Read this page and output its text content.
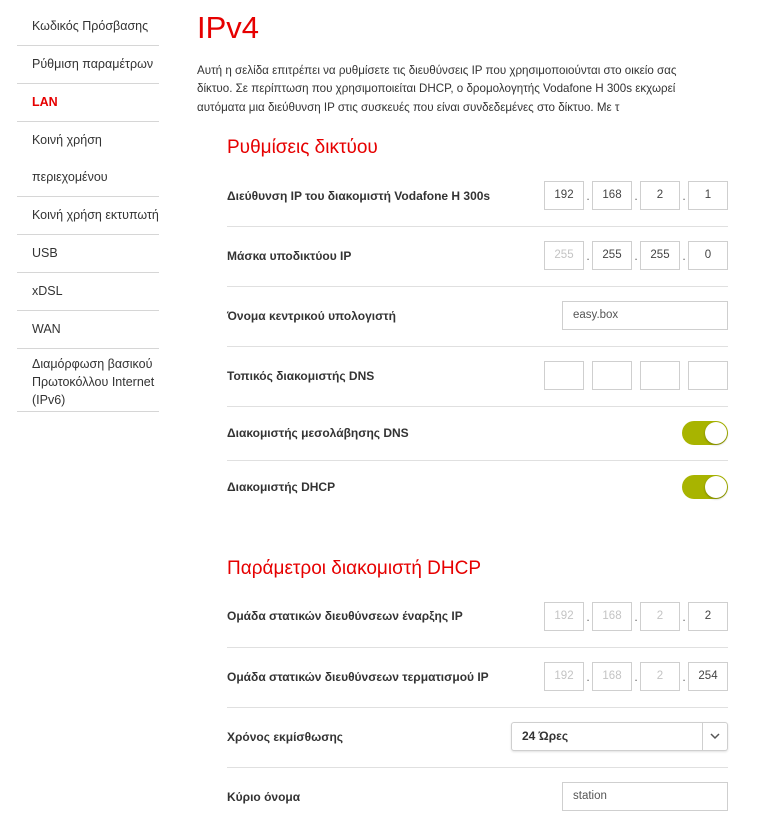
Κωδικός Πρόσβασης
Ρύθμιση παραμέτρων
LAN
Κοινή χρήση
περιεχομένου
Κοινή χρήση εκτυπωτή
USB
xDSL
WAN
Διαμόρφωση βασικού
Πρωτοκόλλου Internet
(IPv6)
IPv4
Αυτή η σελίδα επιτρέπει να ρυθμίσετε τις διευθύνσεις IP που χρησιμοποιούνται στο οικείο σας
δίκτυο. Σε περίπτωση που χρησιμοποιείται DHCP, ο δρομολογητής Vodafone H 300s εκχωρεί
αυτόματα μια διεύθυνση IP στις συσκευές που είναι συνδεδεμένες στο δίκτυο. Με τ
Ρυθμίσεις δικτύου
Διεύθυνση IP του διακομιστή Vodafone H 300s	192	.	168	.	2	.	1
Μάσκα υποδικτύου IP	255	.	255	.	255	.	0
Όνομα κεντρικού υπολογιστή	easy.box
Τοπικός διακομιστής DNS
Διακομιστής μεσολάβησης DNS
Διακομιστής DHCP
Παράμετροι διακομιστή DHCP
Ομάδα στατικών διευθύνσεων έναρξης IP	192	.	168	.	2	.	2
Ομάδα στατικών διευθύνσεων τερματισμού IP	192	.	168	.	2	.	254
Χρόνος εκμίσθωσης	24 Ώρες
Κύριο όνομα	station
